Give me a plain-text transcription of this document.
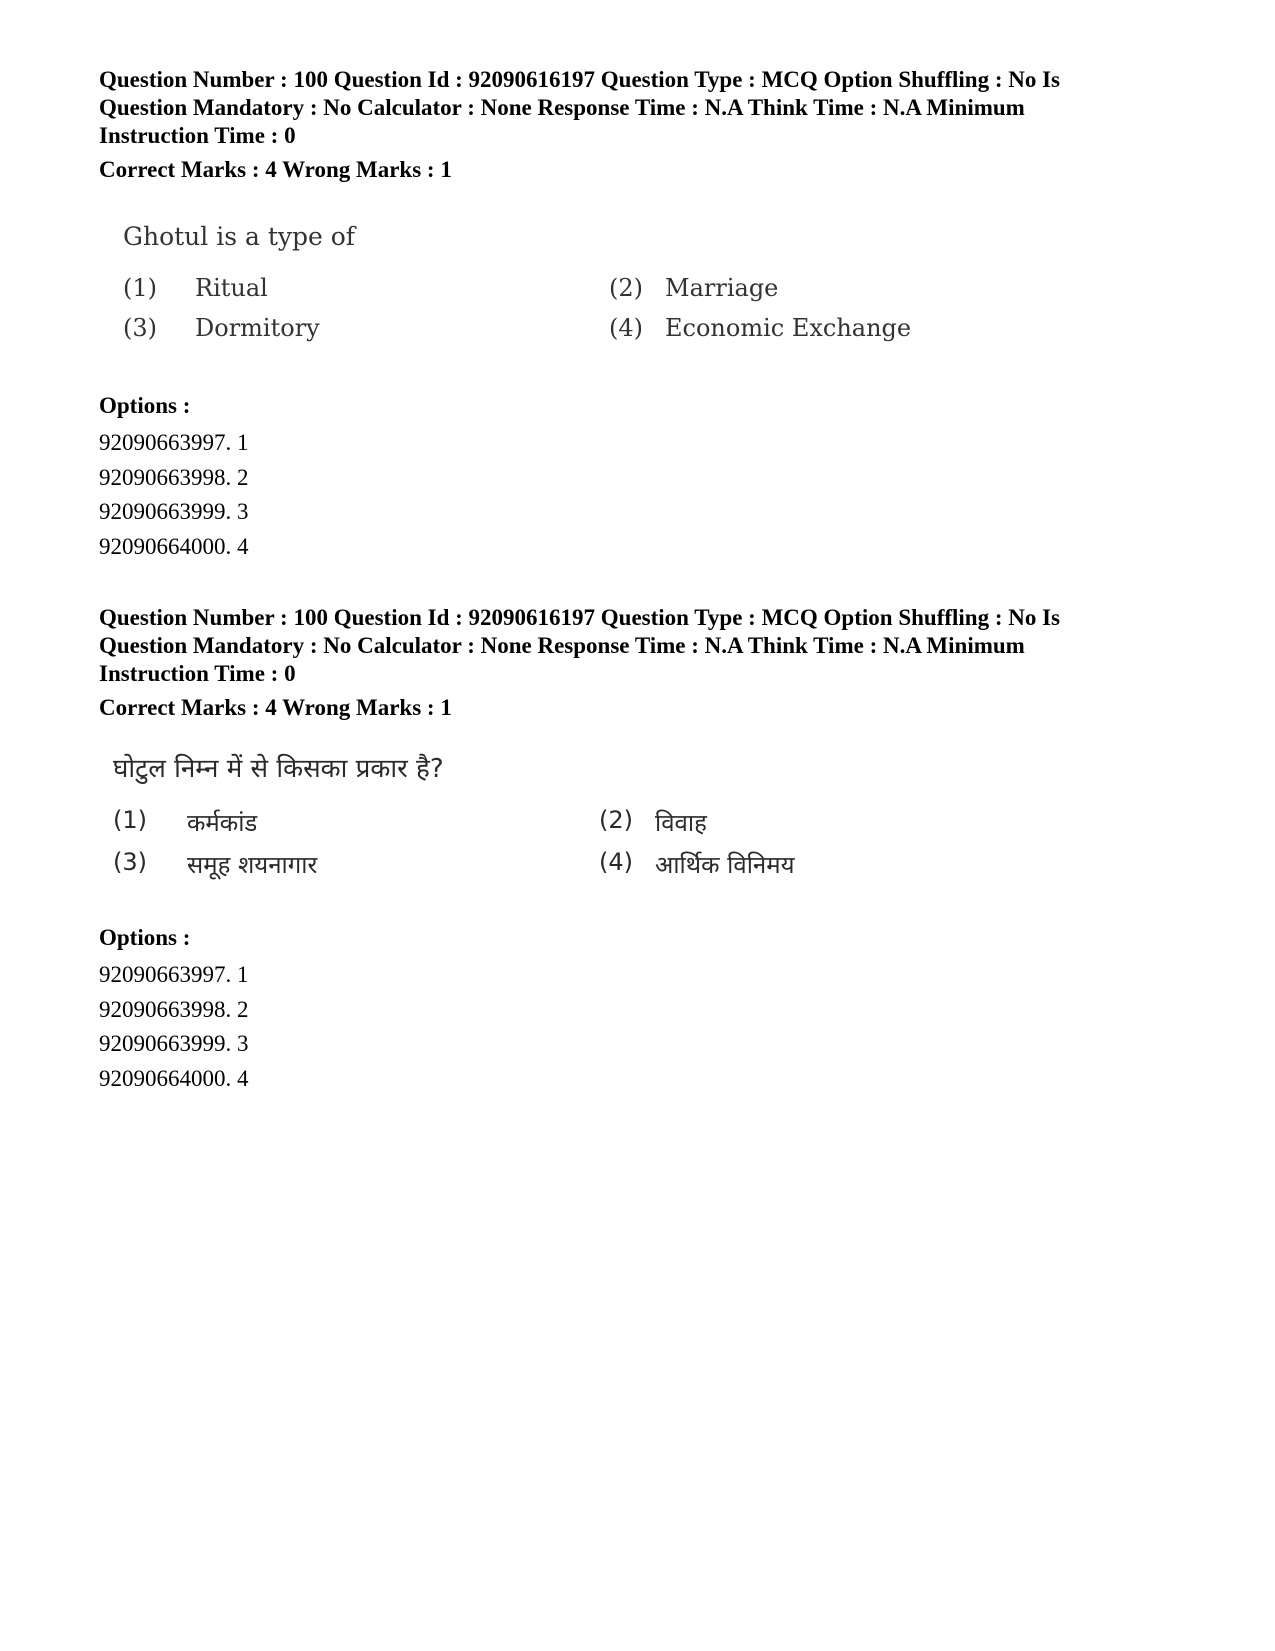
Question Number : 100 Question Id : 92090616197 Question Type : MCQ Option Shuffling : No Is

Question Mandatory : No Calculator : None Response Time : N.A Think Time : N.A Minimum

Instruction Time : 0

Correct Marks : 4 Wrong Marks : 1

Ghotul is a type of
(1) Ritual	(2) Marriage
(3) Dormitory	(4) Economic Exchange
Options :
92090663997. 1
92090663998. 2
92090663999. 3
92090664000. 4

Question Number : 100 Question Id : 92090616197 Question Type : MCQ Option Shuffling : No Is

Question Mandatory : No Calculator : None Response Time : N.A Think Time : N.A Minimum

Instruction Time : 0

Correct Marks : 4 Wrong Marks : 1

घोटुल निम्न में से किसका प्रकार है?
(1) कर्मकांड	(2) विवाह
(3) समूह शयनागार	(4) आर्थिक विनिमय
Options :
92090663997. 1
92090663998. 2
92090663999. 3
92090664000. 4
